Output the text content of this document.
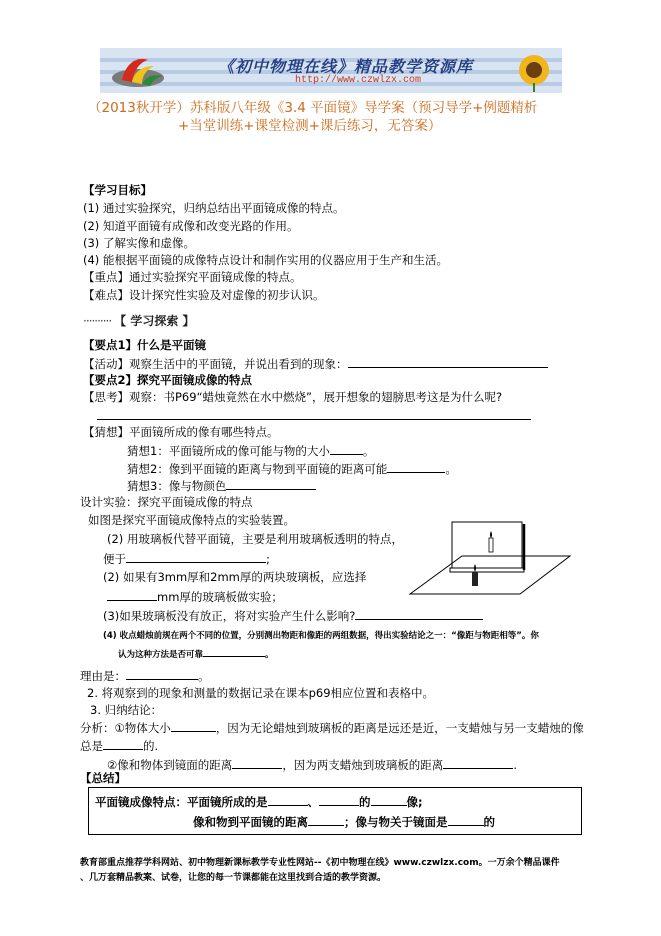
《初中物理在线》精品教学资源库
http://www.czwlzx.com
（2013秋开学）苏科版八年级《3.4 平面镜》导学案（预习导学+例题精析
+当堂训练+课堂检测+课后练习，无答案）
【学习目标】
(1) 通过实验探究，归纳总结出平面镜成像的特点。
(2) 知道平面镜有成像和改变光路的作用。
(3) 了解实像和虚像。
(4) 能根据平面镜的成像特点设计和制作实用的仪器应用于生产和生活。
【重点】通过实验探究平面镜成像的特点。
【难点】设计探究性实验及对虚像的初步认识。
·········· 【 学习探索 】
【要点1】什么是平面镜
【活动】观察生活中的平面镜，并说出看到的现象：
【要点2】探究平面镜成像的特点
【思考】观察：书P69“蜡烛竟然在水中燃烧”，展开想象的翅膀思考这是为什么呢?
【猜想】平面镜所成的像有哪些特点。
猜想1：平面镜所成的像可能与物的大小	。
猜想2：像到平面镜的距离与物到平面镜的距离可能	。
猜想3：像与物颜色
设计实验：探究平面镜成像的特点
如图是探究平面镜成像特点的实验装置。
(2) 用玻璃板代替平面镜，主要是利用玻璃板透明的特点，
便于	;
(2) 如果有3mm厚和2mm厚的两块玻璃板，应选择
mm厚的玻璃板做实验；
(3)如果玻璃板没有放正，将对实验产生什么影响?
(4) 收点蜡烛前规在两个不同的位置，分别测出物距和像距的两组数据，得出实验结论之一：“像距与物距相等”。你
认为这种方法是否可靠	。
理由是：	。
2. 将观察到的现象和测量的数据记录在课本p69相应位置和表格中。
3. 归纳结论：
分析：①物体大小	，因为无论蜡烛到玻璃板的距离是远还是近，一支蜡烛与另一支蜡烛的像
总是	的.
②像和物体到镜面的距离	，因为两支蜡烛到玻璃板的距离	.
【总结】
平面镜成像特点：平面镜所成的是	、	的	像;
像和物到平面镜的距离	；像与物关于镜面是	的
教育部重点推荐学科网站、初中物理新课标教学专业性网站--《初中物理在线》www.czwlzx.com。一万余个精品课件
、几万套精品教案、试卷，让您的每一节课都能在这里找到合适的教学资源。
